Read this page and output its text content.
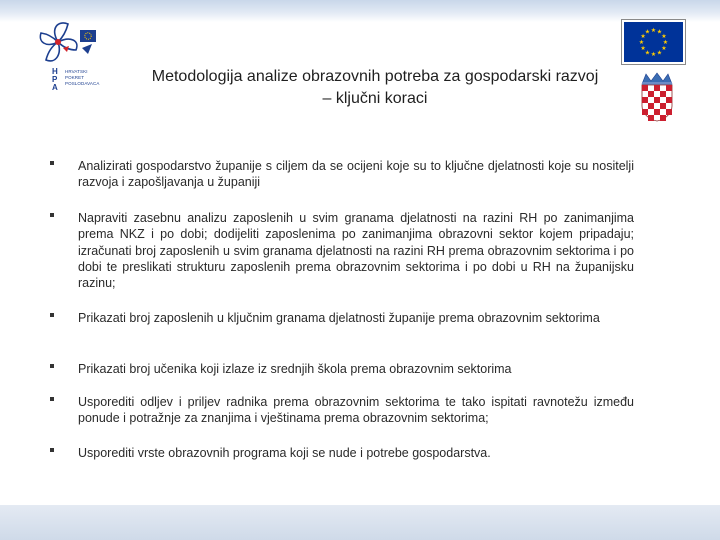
H
P
A
HRVATSKI
POKRET
POSLODAVACA
★ ★
★
★
★
★
★
★
★
★
★
★
Metodologija analize obrazovnih potreba za gospodarski razvoj
– ključni koraci
Analizirati gospodarstvo županije s ciljem da se ocijeni koje su to ključne djelatnosti koje su nositelji razvoja i zapošljavanja u županiji
Napraviti zasebnu analizu zaposlenih u svim granama djelatnosti na razini RH po zanimanjima prema NKZ i po dobi; dodijeliti zaposlenima po zanimanjima obrazovni sektor kojem pripadaju; izračunati broj zaposlenih u svim granama djelatnosti na razini RH prema obrazovnim sektorima i po dobi te preslikati strukturu zaposlenih prema obrazovnim sektorima i po dobi u RH na županijsku razinu;
Prikazati broj zaposlenih u ključnim granama djelatnosti županije prema obrazovnim sektorima
Prikazati broj učenika koji izlaze iz srednjih škola prema obrazovnim sektorima
Usporediti odljev i priljev radnika prema obrazovnim sektorima te tako ispitati ravnotežu između ponude i potražnje za znanjima i vještinama prema obrazovnim sektorima;
Usporediti vrste obrazovnih programa koji se nude i potrebe gospodarstva.
